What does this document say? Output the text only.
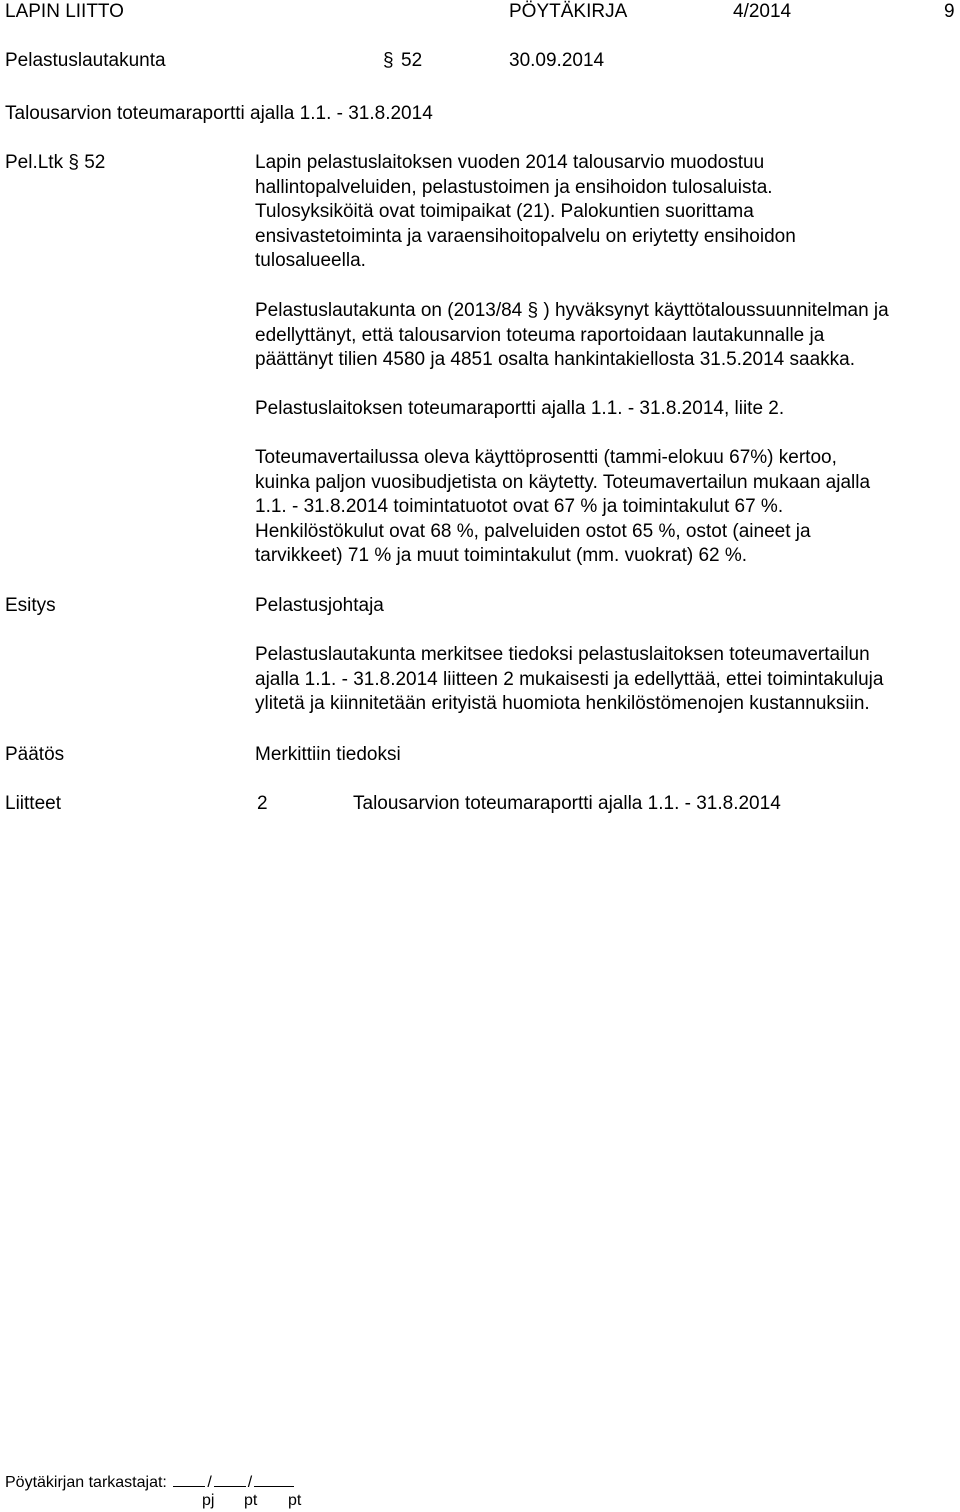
LAPIN LIITTO	PÖYTÄKIRJA	4/2014	9
Pelastuslautakunta	§ 52	30.09.2014
Talousarvion toteumaraportti ajalla 1.1. - 31.8.2014
Pel.Ltk § 52	Lapin pelastuslaitoksen vuoden 2014 talousarvio muodostuu
hallintopalveluiden, pelastustoimen ja ensihoidon tulosaluista.
Tulosyksiköitä ovat toimipaikat (21). Palokuntien suorittama
ensivastetoiminta ja varaensihoitopalvelu on eriytetty ensihoidon
tulosalueella.
Pelastuslautakunta on (2013/84 § ) hyväksynyt käyttötaloussuunnitelman ja
edellyttänyt, että talousarvion toteuma raportoidaan lautakunnalle ja
päättänyt tilien 4580 ja 4851 osalta hankintakiellosta 31.5.2014 saakka.
Pelastuslaitoksen toteumaraportti ajalla 1.1. - 31.8.2014, liite 2.
Toteumavertailussa oleva käyttöprosentti (tammi-elokuu 67%) kertoo,
kuinka paljon vuosibudjetista on käytetty. Toteumavertailun mukaan ajalla
1.1. - 31.8.2014 toimintatuotot ovat 67 % ja toimintakulut 67 %.
Henkilöstökulut ovat 68 %, palveluiden ostot 65 %, ostot (aineet ja
tarvikkeet) 71 % ja muut toimintakulut (mm. vuokrat) 62 %.
Esitys	Pelastusjohtaja
Pelastuslautakunta merkitsee tiedoksi pelastuslaitoksen toteumavertailun
ajalla 1.1. - 31.8.2014 liitteen 2 mukaisesti ja edellyttää, ettei toimintakuluja
ylitetä ja kiinnitetään erityistä huomiota henkilöstömenojen kustannuksiin.
Päätös	Merkittiin tiedoksi
Liitteet	2	Talousarvion toteumaraportti ajalla 1.1. - 31.8.2014
Pöytäkirjan tarkastajat:	/ /
pj pt pt
